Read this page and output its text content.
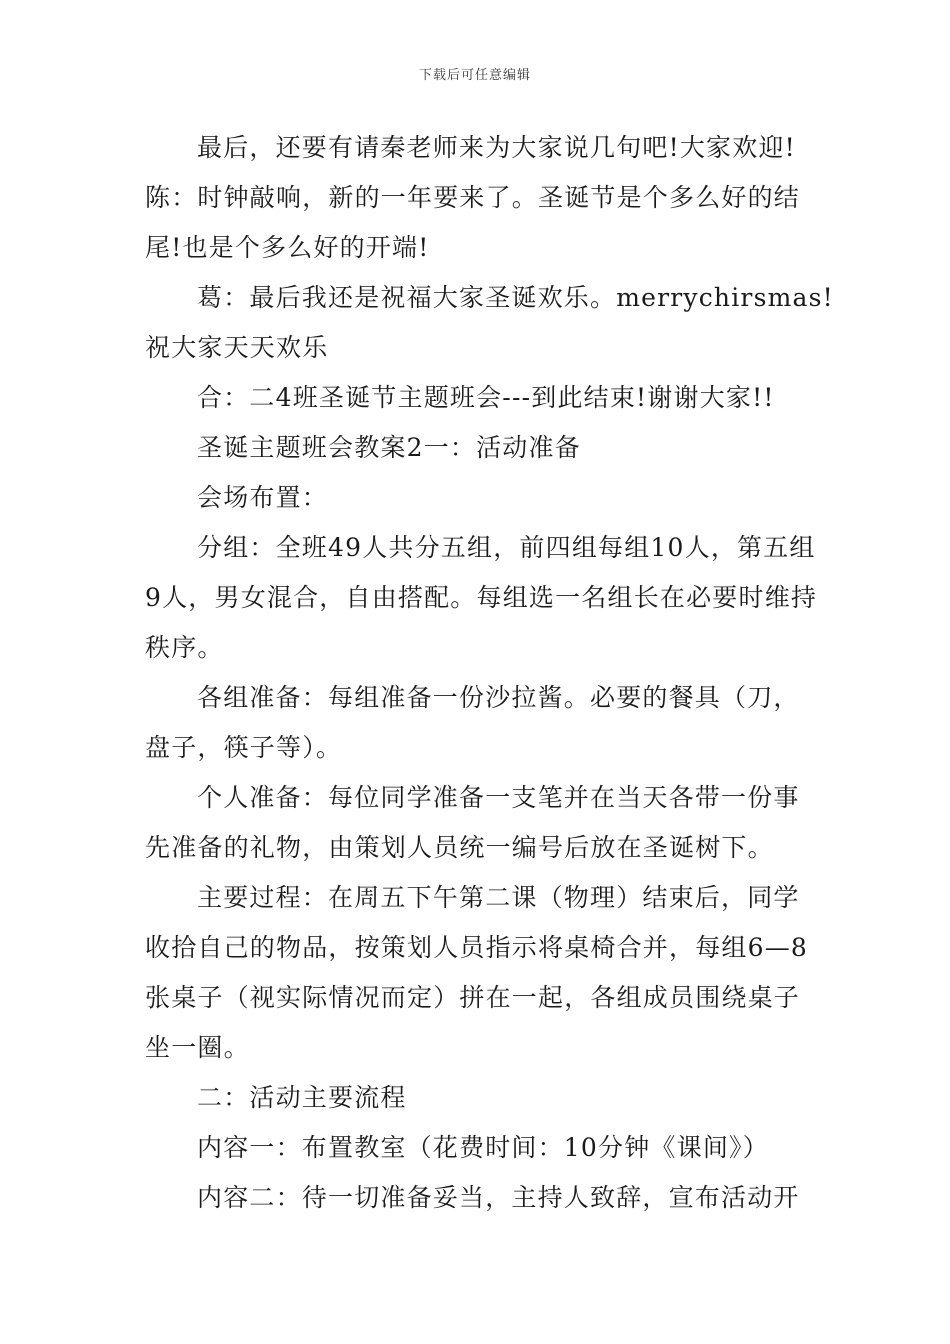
下载后可任意编辑
最后，还要有请秦老师来为大家说几句吧!大家欢迎!
陈：时钟敲响，新的一年要来了。圣诞节是个多么好的结
尾!也是个多么好的开端!
葛：最后我还是祝福大家圣诞欢乐。merrychirsmas!
祝大家天天欢乐
合：二4班圣诞节主题班会---到此结束!谢谢大家!!
圣诞主题班会教案2一：活动准备
会场布置：
分组：全班49人共分五组，前四组每组10人，第五组
9人，男女混合，自由搭配。每组选一名组长在必要时维持
秩序。
各组准备：每组准备一份沙拉酱。必要的餐具（刀，
盘子，筷子等）。
个人准备：每位同学准备一支笔并在当天各带一份事
先准备的礼物，由策划人员统一编号后放在圣诞树下。
主要过程：在周五下午第二课（物理）结束后，同学
收拾自己的物品，按策划人员指示将桌椅合并，每组6—8
张桌子（视实际情况而定）拼在一起，各组成员围绕桌子
坐一圈。
二：活动主要流程
内容一：布置教室（花费时间：10分钟《课间》）
内容二：待一切准备妥当，主持人致辞，宣布活动开
